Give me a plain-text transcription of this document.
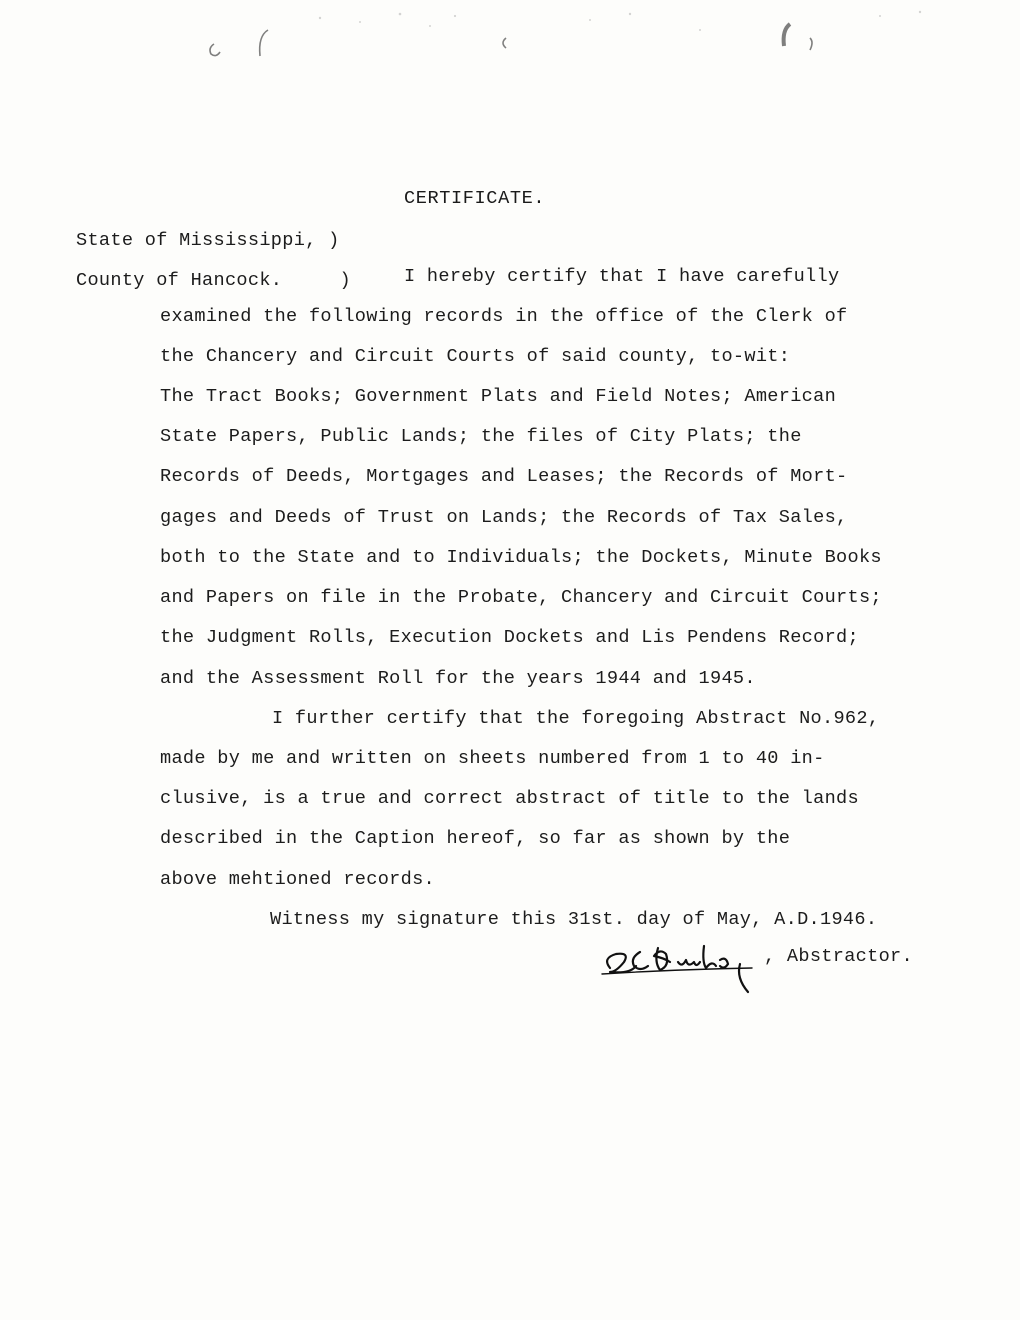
CERTIFICATE.
State of Mississippi, )
County of Hancock.     )	I hereby certify that I have carefully
examined the following records in the office of the Clerk of
the Chancery and Circuit Courts of said county, to-wit:
The Tract Books; Government Plats and Field Notes; American
State Papers, Public Lands; the files of City Plats; the
Records of Deeds, Mortgages and Leases; the Records of Mort-
gages and Deeds of Trust on Lands; the Records of Tax Sales,
both to the State and to Individuals; the Dockets, Minute Books
and Papers on file in the Probate, Chancery and Circuit Courts;
the Judgment Rolls, Execution Dockets and Lis Pendens Record;
and the Assessment Roll for the years 1944 and 1945.
I further certify that the foregoing Abstract No.962,
made by me and written on sheets numbered from 1 to 40 in-
clusive, is a true and correct abstract of title to the lands
described in the Caption hereof, so far as shown by the
above mehtioned records.
Witness my signature this 31st. day of May, A.D.1946.
, Abstractor.
